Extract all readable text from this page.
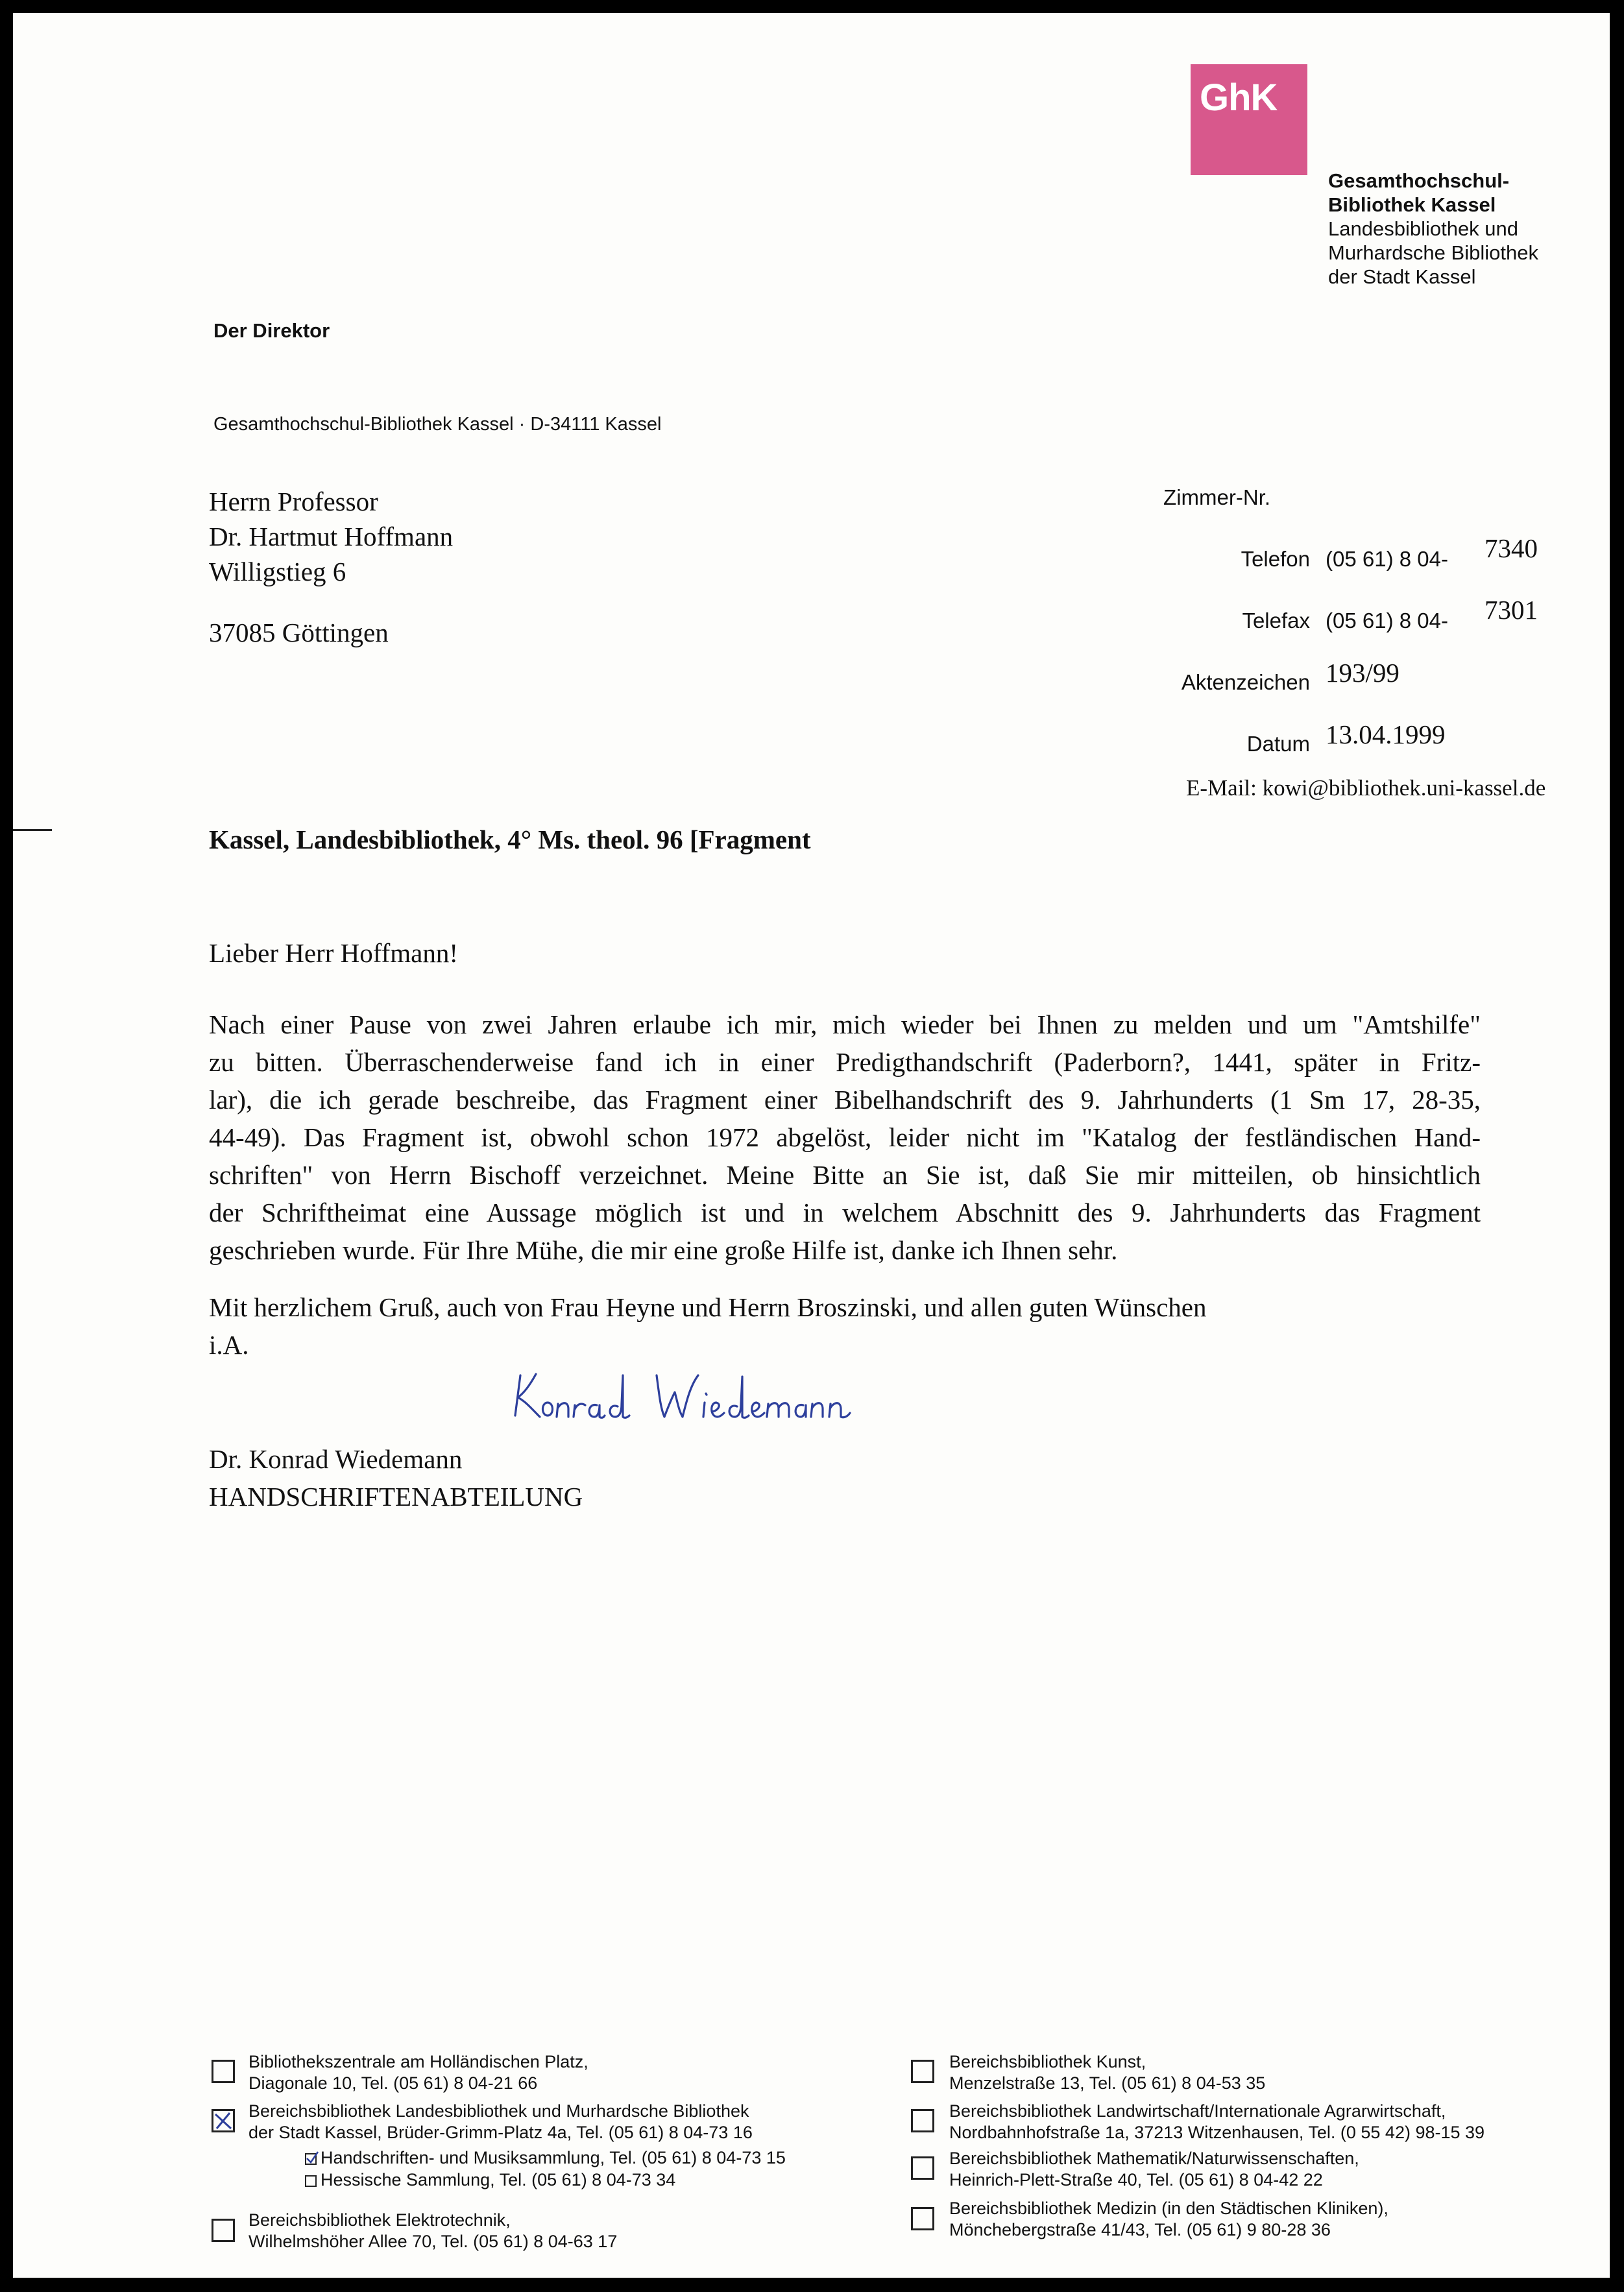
GhK
Gesamthochschul-
Bibliothek Kassel
Landesbibliothek und
Murhardsche Bibliothek
der Stadt Kassel
Der Direktor
Gesamthochschul-Bibliothek Kassel · D-34111 Kassel
Herrn Professor
Dr. Hartmut Hoffmann
Willigstieg 6
37085 Göttingen
Zimmer-Nr.
Telefon (05 61) 8 04- 7340
Telefax (05 61) 8 04- 7301
Aktenzeichen 193/99
Datum 13.04.1999
E-Mail: kowi@bibliothek.uni-kassel.de
Kassel, Landesbibliothek, 4° Ms. theol. 96 [Fragment
Lieber Herr Hoffmann!
Nach einer Pause von zwei Jahren erlaube ich mir, mich wieder bei Ihnen zu melden und um "Amtshilfe"
zu bitten. Überraschenderweise fand ich in einer Predigthandschrift (Paderborn?, 1441, später in Fritz-
lar), die ich gerade beschreibe, das Fragment einer Bibelhandschrift des 9. Jahrhunderts (1 Sm 17, 28-35,
44-49). Das Fragment ist, obwohl schon 1972 abgelöst, leider nicht im "Katalog der festländischen Hand-
schriften" von Herrn Bischoff verzeichnet. Meine Bitte an Sie ist, daß Sie mir mitteilen, ob hinsichtlich
der Schriftheimat eine Aussage möglich ist und in welchem Abschnitt des 9. Jahrhunderts das Fragment
geschrieben wurde. Für Ihre Mühe, die mir eine große Hilfe ist, danke ich Ihnen sehr.
Mit herzlichem Gruß, auch von Frau Heyne und Herrn Broszinski, und allen guten Wünschen
i.A.
Dr. Konrad Wiedemann
HANDSCHRIFTENABTEILUNG
Bibliothekszentrale am Holländischen Platz,
Diagonale 10, Tel. (05 61) 8 04-21 66
Bereichsbibliothek Landesbibliothek und Murhardsche Bibliothek
der Stadt Kassel, Brüder-Grimm-Platz 4a, Tel. (05 61) 8 04-73 16
Handschriften- und Musiksammlung, Tel. (05 61) 8 04-73 15
Hessische Sammlung, Tel. (05 61) 8 04-73 34
Bereichsbibliothek Elektrotechnik,
Wilhelmshöher Allee 70, Tel. (05 61) 8 04-63 17
Bereichsbibliothek Kunst,
Menzelstraße 13, Tel. (05 61) 8 04-53 35
Bereichsbibliothek Landwirtschaft/Internationale Agrarwirtschaft,
Nordbahnhofstraße 1a, 37213 Witzenhausen, Tel. (0 55 42) 98-15 39
Bereichsbibliothek Mathematik/Naturwissenschaften,
Heinrich-Plett-Straße 40, Tel. (05 61) 8 04-42 22
Bereichsbibliothek Medizin (in den Städtischen Kliniken),
Mönchebergstraße 41/43, Tel. (05 61) 9 80-28 36
